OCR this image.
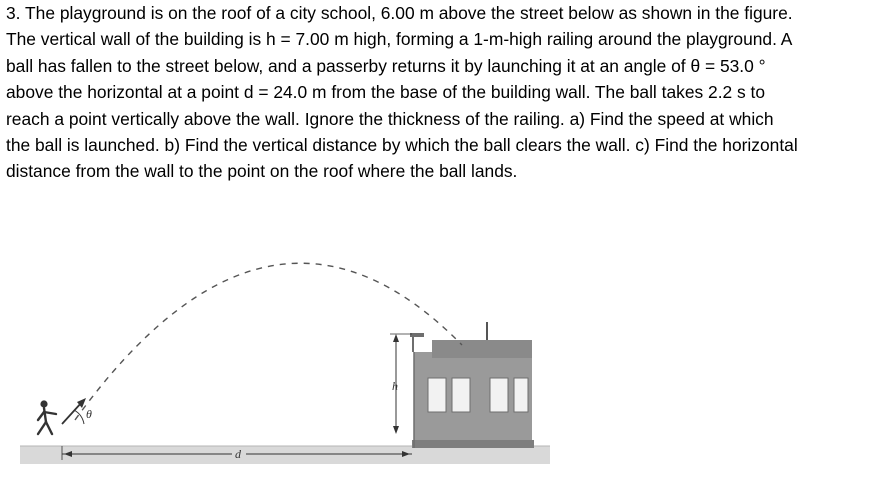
3. The playground is on the roof of a city school, 6.00 m above the street below as shown in the figure.
The vertical wall of the building is h = 7.00 m high, forming a 1-m-high railing around the playground. A
ball has fallen to the street below, and a passerby returns it by launching it at an angle of θ = 53.0 °
above the horizontal at a point d = 24.0 m from the base of the building wall. The ball takes 2.2 s to
reach a point vertically above the wall. Ignore the thickness of the railing. a) Find the speed at which
the ball is launched. b) Find the vertical distance by which the ball clears the wall. c) Find the horizontal
distance from the wall to the point on the roof where the ball lands.
h
θ
d
